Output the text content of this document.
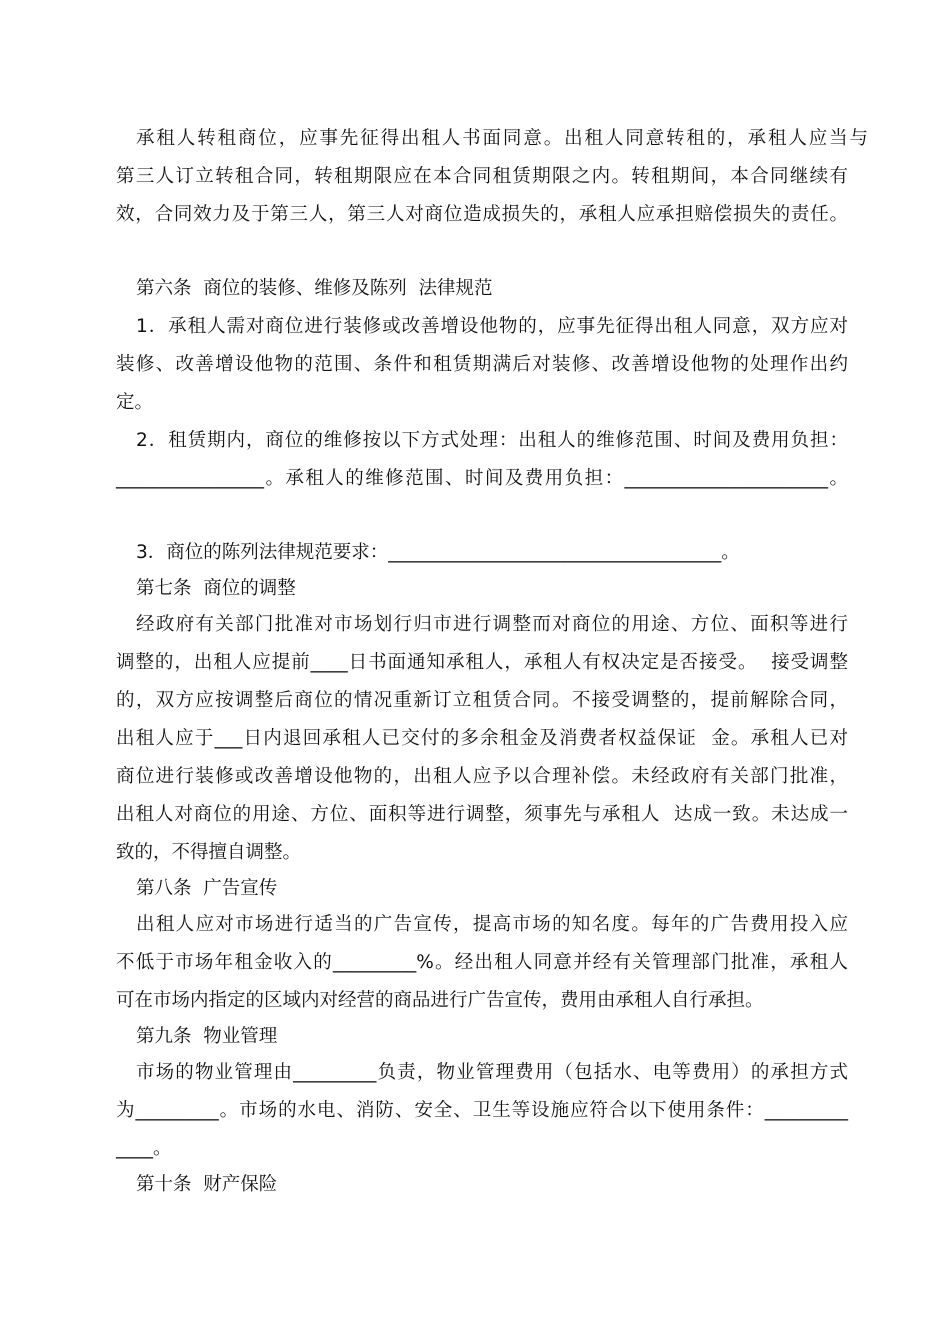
承租人转租商位，应事先征得出租人书面同意。出租人同意转租的，承租人应当与
第三人订立转租合同，转租期限应在本合同租赁期限之内。转租期间，本合同继续有
效，合同效力及于第三人，第三人对商位造成损失的，承租人应承担赔偿损失的责任。
第六条  商位的装修、维修及陈列  法律规范
1．承租人需对商位进行装修或改善增设他物的，应事先征得出租人同意，双方应对
装修、改善增设他物的范围、条件和租赁期满后对装修、改善增设他物的处理作出约
定。
2．租赁期内，商位的维修按以下方式处理：出租人的维修范围、时间及费用负担：
________________。承租人的维修范围、时间及费用负担：______________________。
3．商位的陈列法律规范要求：____________________________________。
第七条  商位的调整
经政府有关部门批准对市场划行归市进行调整而对商位的用途、方位、面积等进行
调整的，出租人应提前____日书面通知承租人，承租人有权决定是否接受。  接受调整
的，双方应按调整后商位的情况重新订立租赁合同。不接受调整的，提前解除合同，
出租人应于___日内退回承租人已交付的多余租金及消费者权益保证  金。承租人已对
商位进行装修或改善增设他物的，出租人应予以合理补偿。未经政府有关部门批准，
出租人对商位的用途、方位、面积等进行调整，须事先与承租人  达成一致。未达成一
致的，不得擅自调整。
第八条  广告宣传
出租人应对市场进行适当的广告宣传，提高市场的知名度。每年的广告费用投入应
不低于市场年租金收入的_________%。经出租人同意并经有关管理部门批准，承租人
可在市场内指定的区域内对经营的商品进行广告宣传，费用由承租人自行承担。
第九条  物业管理
市场的物业管理由_________负责，物业管理费用（包括水、电等费用）的承担方式
为_________。市场的水电、消防、安全、卫生等设施应符合以下使用条件：_________
____。
第十条  财产保险
